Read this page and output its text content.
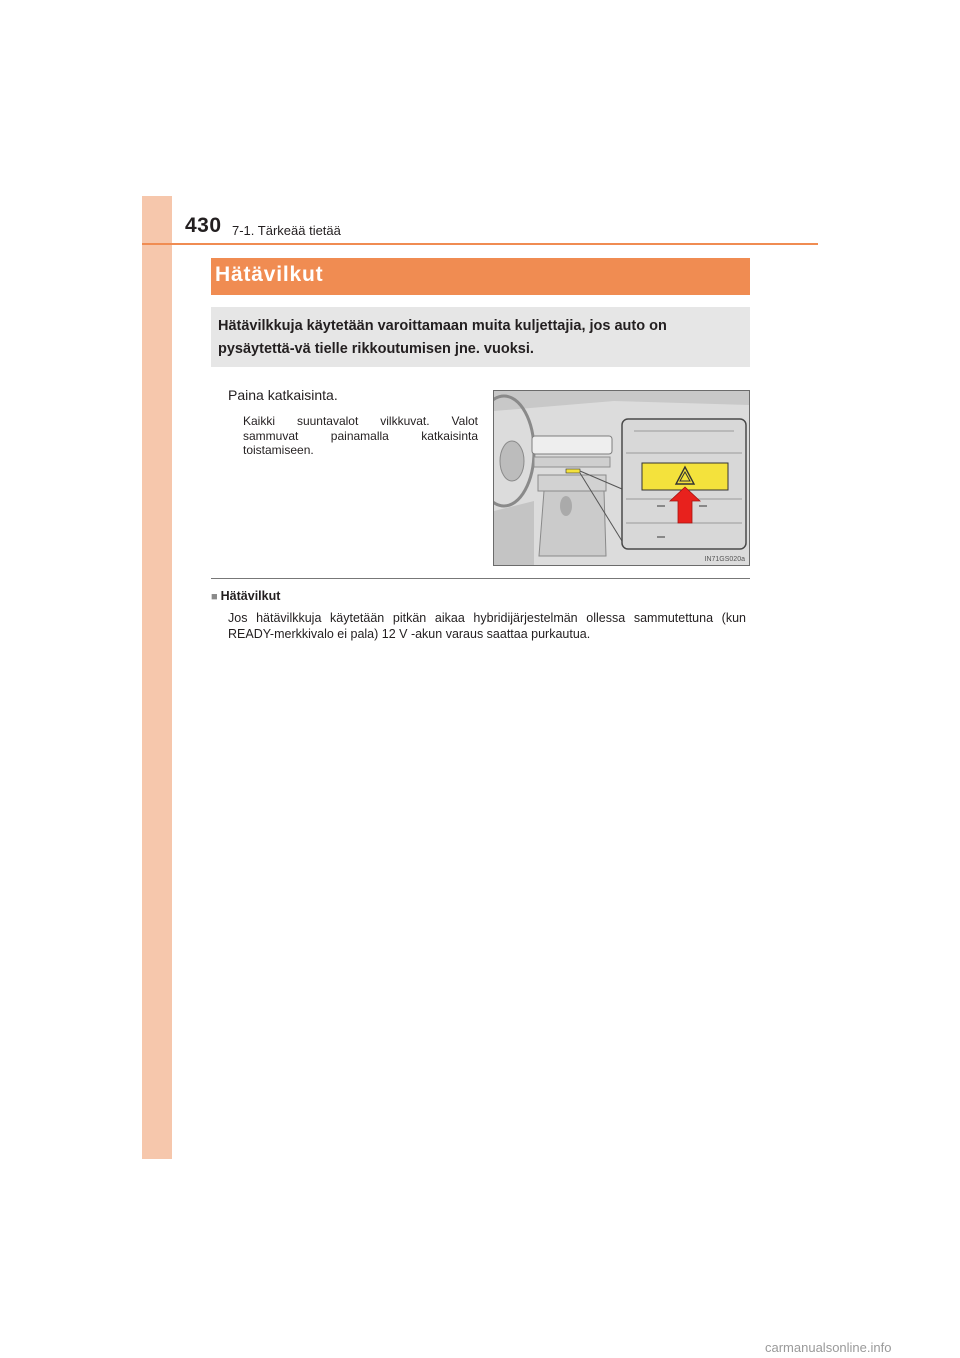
430 7-1. Tärkeää tietää
Hätävilkut
Hätävilkkuja käytetään varoittamaan muita kuljettajia, jos auto on pysäytettä-vä tielle rikkoutumisen jne. vuoksi.
Paina katkaisinta.
Kaikki suuntavalot vilkkuvat. Valot sammuvat painamalla katkaisinta toistamiseen.
IN71GS020a
■ Hätävilkut
Jos hätävilkkuja käytetään pitkän aikaa hybridijärjestelmän ollessa sammutettuna (kun READY-merkkivalo ei pala) 12 V -akun varaus saattaa purkautua.
carmanualsonline.info
